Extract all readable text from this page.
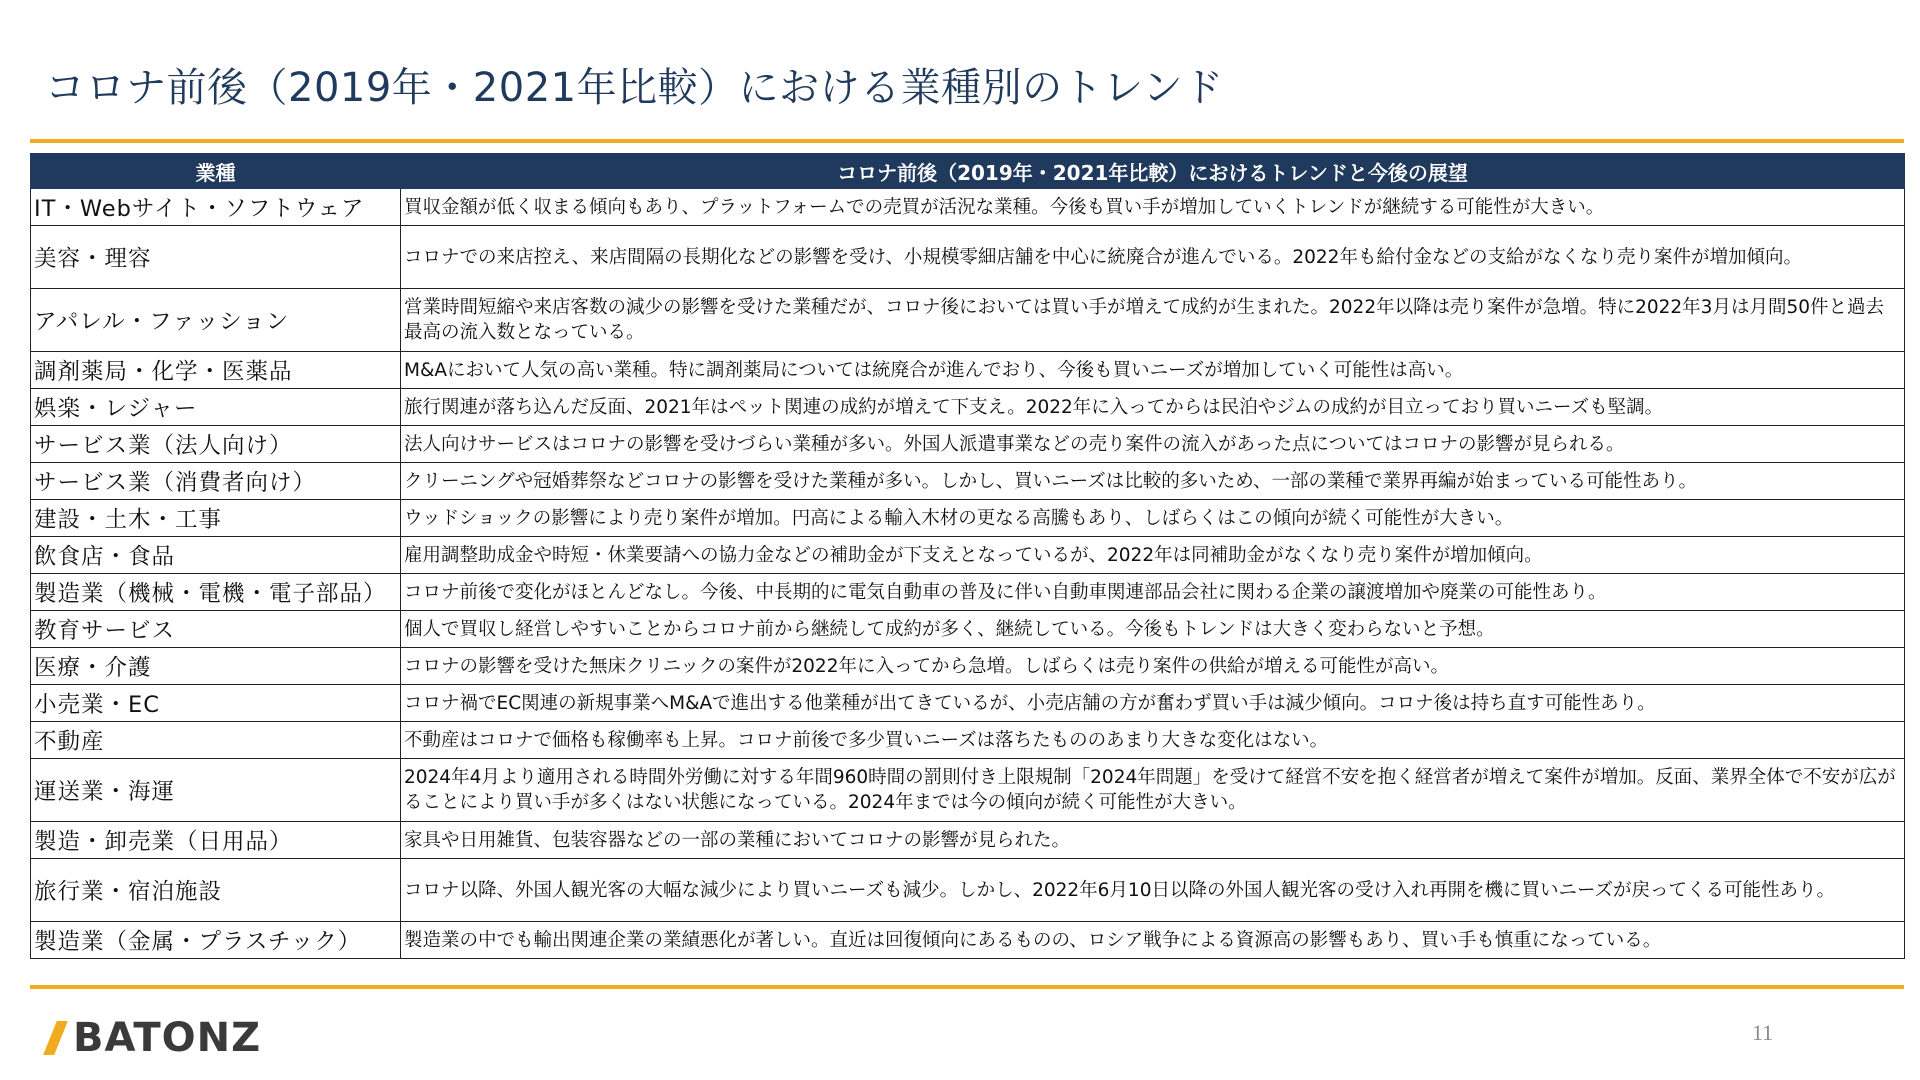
コロナ前後（2019年・2021年比較）における業種別のトレンド
業種	コロナ前後（2019年・2021年比較）におけるトレンドと今後の展望
IT・Webサイト・ソフトウェア	買収金額が低く収まる傾向もあり、プラットフォームでの売買が活況な業種。今後も買い手が増加していくトレンドが継続する可能性が大きい。
美容・理容	コロナでの来店控え、来店間隔の長期化などの影響を受け、小規模零細店舗を中心に統廃合が進んでいる。2022年も給付金などの支給がなくなり売り案件が増加傾向。
アパレル・ファッション	営業時間短縮や来店客数の減少の影響を受けた業種だが、コロナ後においては買い手が増えて成約が生まれた。2022年以降は売り案件が急増。特に2022年3月は月間50件と過去最高の流入数となっている。
調剤薬局・化学・医薬品	M&Aにおいて人気の高い業種。特に調剤薬局については統廃合が進んでおり、今後も買いニーズが増加していく可能性は高い。
娯楽・レジャー	旅行関連が落ち込んだ反面、2021年はペット関連の成約が増えて下支え。2022年に入ってからは民泊やジムの成約が目立っており買いニーズも堅調。
サービス業（法人向け）	法人向けサービスはコロナの影響を受けづらい業種が多い。外国人派遣事業などの売り案件の流入があった点についてはコロナの影響が見られる。
サービス業（消費者向け）	クリーニングや冠婚葬祭などコロナの影響を受けた業種が多い。しかし、買いニーズは比較的多いため、一部の業種で業界再編が始まっている可能性あり。
建設・土木・工事	ウッドショックの影響により売り案件が増加。円高による輸入木材の更なる高騰もあり、しばらくはこの傾向が続く可能性が大きい。
飲食店・食品	雇用調整助成金や時短・休業要請への協力金などの補助金が下支えとなっているが、2022年は同補助金がなくなり売り案件が増加傾向。
製造業（機械・電機・電子部品）	コロナ前後で変化がほとんどなし。今後、中長期的に電気自動車の普及に伴い自動車関連部品会社に関わる企業の譲渡増加や廃業の可能性あり。
教育サービス	個人で買収し経営しやすいことからコロナ前から継続して成約が多く、継続している。今後もトレンドは大きく変わらないと予想。
医療・介護	コロナの影響を受けた無床クリニックの案件が2022年に入ってから急増。しばらくは売り案件の供給が増える可能性が高い。
小売業・EC	コロナ禍でEC関連の新規事業へM&Aで進出する他業種が出てきているが、小売店舗の方が奮わず買い手は減少傾向。コロナ後は持ち直す可能性あり。
不動産	不動産はコロナで価格も稼働率も上昇。コロナ前後で多少買いニーズは落ちたもののあまり大きな変化はない。
運送業・海運	2024年4月より適用される時間外労働に対する年間960時間の罰則付き上限規制「2024年問題」を受けて経営不安を抱く経営者が増えて案件が増加。反面、業界全体で不安が広がることにより買い手が多くはない状態になっている。2024年までは今の傾向が続く可能性が大きい。
製造・卸売業（日用品）	家具や日用雑貨、包装容器などの一部の業種においてコロナの影響が見られた。
旅行業・宿泊施設	コロナ以降、外国人観光客の大幅な減少により買いニーズも減少。しかし、2022年6月10日以降の外国人観光客の受け入れ再開を機に買いニーズが戻ってくる可能性あり。
製造業（金属・プラスチック）	製造業の中でも輸出関連企業の業績悪化が著しい。直近は回復傾向にあるものの、ロシア戦争による資源高の影響もあり、買い手も慎重になっている。
BATONZ	11
